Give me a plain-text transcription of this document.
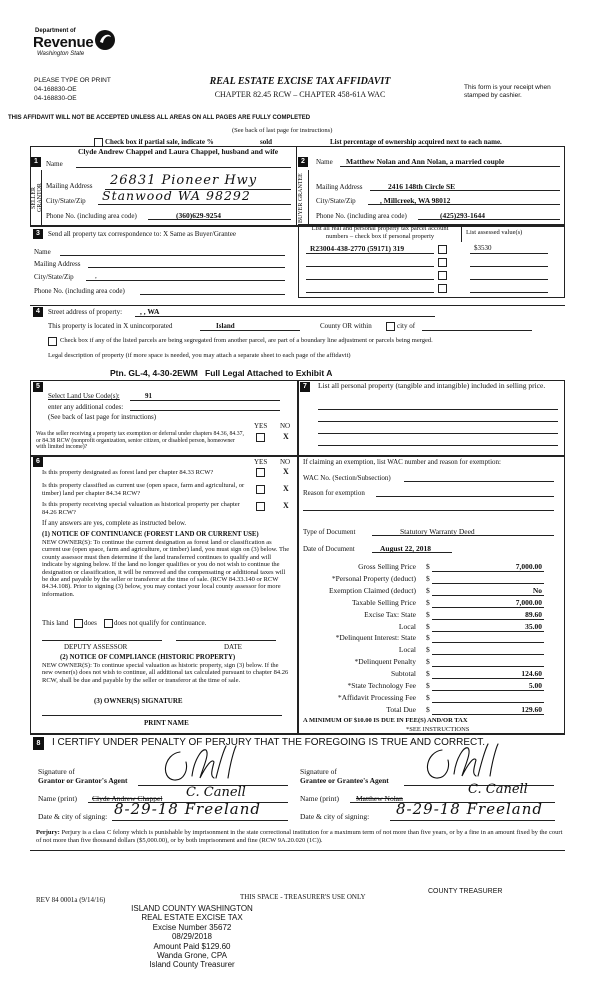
Department of
Revenue
Washington State
PLEASE TYPE OR PRINT
04-168830-OE
04-168830-OE
REAL ESTATE EXCISE TAX AFFIDAVIT
CHAPTER 82.45 RCW – CHAPTER 458-61A WAC
This form is your receipt when stamped by cashier.
THIS AFFIDAVIT WILL NOT BE ACCEPTED UNLESS ALL AREAS ON ALL PAGES ARE FULLY COMPLETED
(See back of last page for instructions)
Check box if partial sale, indicate %	sold	List percentage of ownership acquired next to each name.
1
SELLER GRANTOR
Name
Clyde Andrew Chappel and Laura Chappel, husband and wife
Mailing Address 26831 Pioneer Hwy
City/State/Zip Stanwood WA 98292
Phone No. (including area code)	(360)629-9254
2
BUYER GRANTEE
Name Matthew Nolan and Ann Nolan, a married couple
Mailing Address	2416 148th Circle SE
City/State/Zip	, Millcreek, WA 98012
Phone No. (including area code)	(425)293-1644
3	Send all property tax correspondence to: X Same as Buyer/Grantee
Name
Mailing Address
City/State/Zip	,
Phone No. (including area code)
List all real and personal property tax parcel account numbers – check box if personal property	List assessed value(s)
R23004-438-2770 (59171) 319	$3530
4	Street address of property: , , WA
This property is located in X unincorporated	Island	County OR within	city of
Check box if any of the listed parcels are being segregated from another parcel, are part of a boundary line adjustment or parcels being merged.
Legal description of property (if more space is needed, you may attach a separate sheet to each page of the affidavit)
Ptn. GL-4, 4-30-2EWM Full Legal Attached to Exhibit A
5
Select Land Use Code(s):	91
enter any additional codes:
(See back of last page for instructions)
YES NO
Was the seller receiving a property tax exemption or deferral under chapters 84.36, 84.37, or 84.38 RCW (nonprofit organization, senior citizen, or disabled person, homeowner with limited income)?
X
7	List all personal property (tangible and intangible) included in selling price.
6	YES NO
Is this property designated as forest land per chapter 84.33 RCW?	X
Is this property classified as current use (open space, farm and agricultural, or timber) land per chapter 84.34 RCW?	X
Is this property receiving special valuation as historical property per chapter 84.26 RCW?
X
If any answers are yes, complete as instructed below.
(1) NOTICE OF CONTINUANCE (FOREST LAND OR CURRENT USE)
NEW OWNER(S): To continue the current designation as forest land or classification as current use (open space, farm and agriculture, or timber) land, you must sign on (3) below. The county assessor must then determine if the land transferred continues to qualify and will indicate by signing below. If the land no longer qualifies or you do not wish to continue the designation or classification, it will be removed and the compensating or additional taxes will be due and payable by the seller or transferor at the time of sale. (RCW 84.33.140 or RCW 84.34.108). Prior to signing (3) below, you may contact your local county assessor for more information.
This land does does not qualify for continuance.
DEPUTY ASSESSOR	DATE
(2) NOTICE OF COMPLIANCE (HISTORIC PROPERTY)
NEW OWNER(S): To continue special valuation as historic property, sign (3) below. If the new owner(s) does not wish to continue, all additional tax calculated pursuant to chapter 84.26 RCW, shall be due and payable by the seller or transferor at the time of sale.
(3) OWNER(S) SIGNATURE
PRINT NAME
If claiming an exemption, list WAC number and reason for exemption:
WAC No. (Section/Subsection)
Reason for exemption
Type of Document	Statutory Warranty Deed
Date of Document	August 22, 2018
Gross Selling Price $	7,000.00
*Personal Property (deduct) $
Exemption Claimed (deduct) $	No
Taxable Selling Price $	7,000.00
Excise Tax: State $	89.60
Local $	35.00
*Delinquent Interest: State $
Local $
*Delinquent Penalty $
Subtotal $	124.60
*State Technology Fee $	5.00
*Affidavit Processing Fee $
Total Due $	129.60
A MINIMUM OF $10.00 IS DUE IN FEE(S) AND/OR TAX
*SEE INSTRUCTIONS
8	I CERTIFY UNDER PENALTY OF PERJURY THAT THE FOREGOING IS TRUE AND CORRECT.
Signature of
Grantor or Grantor's Agent
Name (print) Clyde Andrew Chappel C. Canell
Date & city of signing: 8-29-18 Freeland
Signature of
Grantee or Grantee's Agent
Name (print) Matthew Nolan
C. Canell
Date & city of signing: 8-29-18 Freeland
Perjury: Perjury is a class C felony which is punishable by imprisonment in the state correctional institution for a maximum term of not more than five years, or by a fine in an amount fixed by the court of not more than five thousand dollars ($5,000.00), or by both imprisonment and fine (RCW 9A.20.020 (1C)).
REV 84 0001a (9/14/16)	THIS SPACE - TREASURER'S USE ONLY
COUNTY TREASURER
ISLAND COUNTY WASHINGTON
REAL ESTATE EXCISE TAX
Excise Number 35672
08/29/2018
Amount Paid $129.60
Wanda Grone, CPA
Island County Treasurer
